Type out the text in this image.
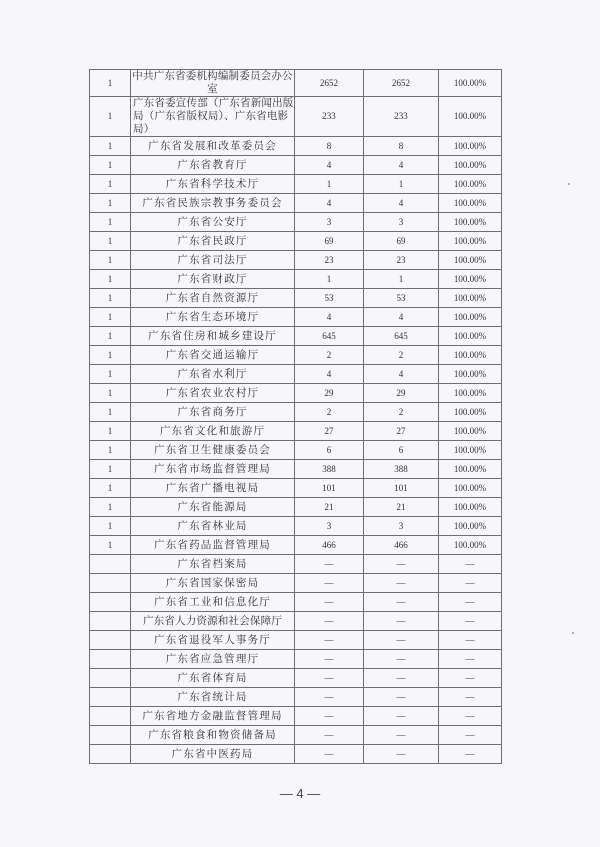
1	中共广东省委机构编制委员会办公室	2652	2652	100.00%
1	广东省委宣传部（广东省新闻出版局（广东省版权局）、广东省电影局）	233	233	100.00%
1	广东省发展和改革委员会	8	8	100.00%
1	广东省教育厅	4	4	100.00%
1	广东省科学技术厅	1	1	100.00%
1	广东省民族宗教事务委员会	4	4	100.00%
1	广东省公安厅	3	3	100.00%
1	广东省民政厅	69	69	100.00%
1	广东省司法厅	23	23	100.00%
1	广东省财政厅	1	1	100.00%
1	广东省自然资源厅	53	53	100.00%
1	广东省生态环境厅	4	4	100.00%
1	广东省住房和城乡建设厅	645	645	100.00%
1	广东省交通运输厅	2	2	100.00%
1	广东省水利厅	4	4	100.00%
1	广东省农业农村厅	29	29	100.00%
1	广东省商务厅	2	2	100.00%
1	广东省文化和旅游厅	27	27	100.00%
1	广东省卫生健康委员会	6	6	100.00%
1	广东省市场监督管理局	388	388	100.00%
1	广东省广播电视局	101	101	100.00%
1	广东省能源局	21	21	100.00%
1	广东省林业局	3	3	100.00%
1	广东省药品监督管理局	466	466	100.00%
	广东省档案局	—	—	—
	广东省国家保密局	—	—	—
	广东省工业和信息化厅	—	—	—
	广东省人力资源和社会保障厅	—	—	—
	广东省退役军人事务厅	—	—	—
	广东省应急管理厅	—	—	—
	广东省体育局	—	—	—
	广东省统计局	—	—	—
	广东省地方金融监督管理局	—	—	—
	广东省粮食和物资储备局	—	—	—
	广东省中医药局	—	—	—
— 4 —
